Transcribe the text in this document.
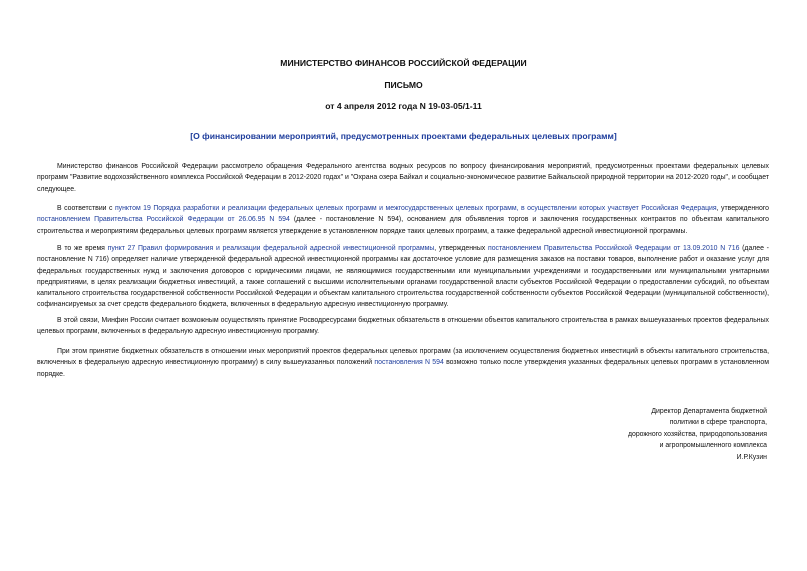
МИНИСТЕРСТВО ФИНАНСОВ РОССИЙСКОЙ ФЕДЕРАЦИИ
ПИСЬМО
от 4 апреля 2012 года N 19-03-05/1-11
[О финансировании мероприятий, предусмотренных проектами федеральных целевых программ]
Министерство финансов Российской Федерации рассмотрело обращения Федерального агентства водных ресурсов по вопросу финансирования мероприятий, предусмотренных проектами федеральных целевых программ "Развитие водохозяйственного комплекса Российской Федерации в 2012-2020 годах" и "Охрана озера Байкал и социально-экономическое развитие Байкальской природной территории на 2012-2020 годы", и сообщает следующее.
В соответствии с пунктом 19 Порядка разработки и реализации федеральных целевых программ и межгосударственных целевых программ, в осуществлении которых участвует Российская Федерация, утвержденного постановлением Правительства Российской Федерации от 26.06.95 N 594 (далее - постановление N 594), основанием для объявления торгов и заключения государственных контрактов по объектам капитального строительства и мероприятиям федеральных целевых программ является утверждение в установленном порядке таких целевых программ, а также федеральной адресной инвестиционной программы.
В то же время пункт 27 Правил формирования и реализации федеральной адресной инвестиционной программы, утвержденных постановлением Правительства Российской Федерации от 13.09.2010 N 716 (далее - постановление N 716) определяет наличие утвержденной федеральной адресной инвестиционной программы как достаточное условие для размещения заказов на поставки товаров, выполнение работ и оказание услуг для федеральных государственных нужд и заключения договоров с юридическими лицами, не являющимися государственными или муниципальными учреждениями и государственными или муниципальными унитарными предприятиями, в целях реализации бюджетных инвестиций, а также соглашений с высшими исполнительными органами государственной власти субъектов Российской Федерации о предоставлении субсидий, по объектам капитального строительства государственной собственности Российской Федерации и объектам капитального строительства государственной собственности субъектов Российской Федерации (муниципальной собственности), софинансируемых за счет средств федерального бюджета, включенных в федеральную адресную инвестиционную программу.
В этой связи, Минфин России считает возможным осуществлять принятие Росводресурсами бюджетных обязательств в отношении объектов капитального строительства в рамках вышеуказанных проектов федеральных целевых программ, включенных в федеральную адресную инвестиционную программу.
При этом принятие бюджетных обязательств в отношении иных мероприятий проектов федеральных целевых программ (за исключением осуществления бюджетных инвестиций в объекты капитального строительства, включенных в федеральную адресную инвестиционную программу) в силу вышеуказанных положений постановления N 594 возможно только после утверждения указанных федеральных целевых программ в установленном порядке.
Директор Департамента бюджетной
политики в сфере транспорта,
дорожного хозяйства, природопользования
и агропромышленного комплекса
И.Р.Кузин
